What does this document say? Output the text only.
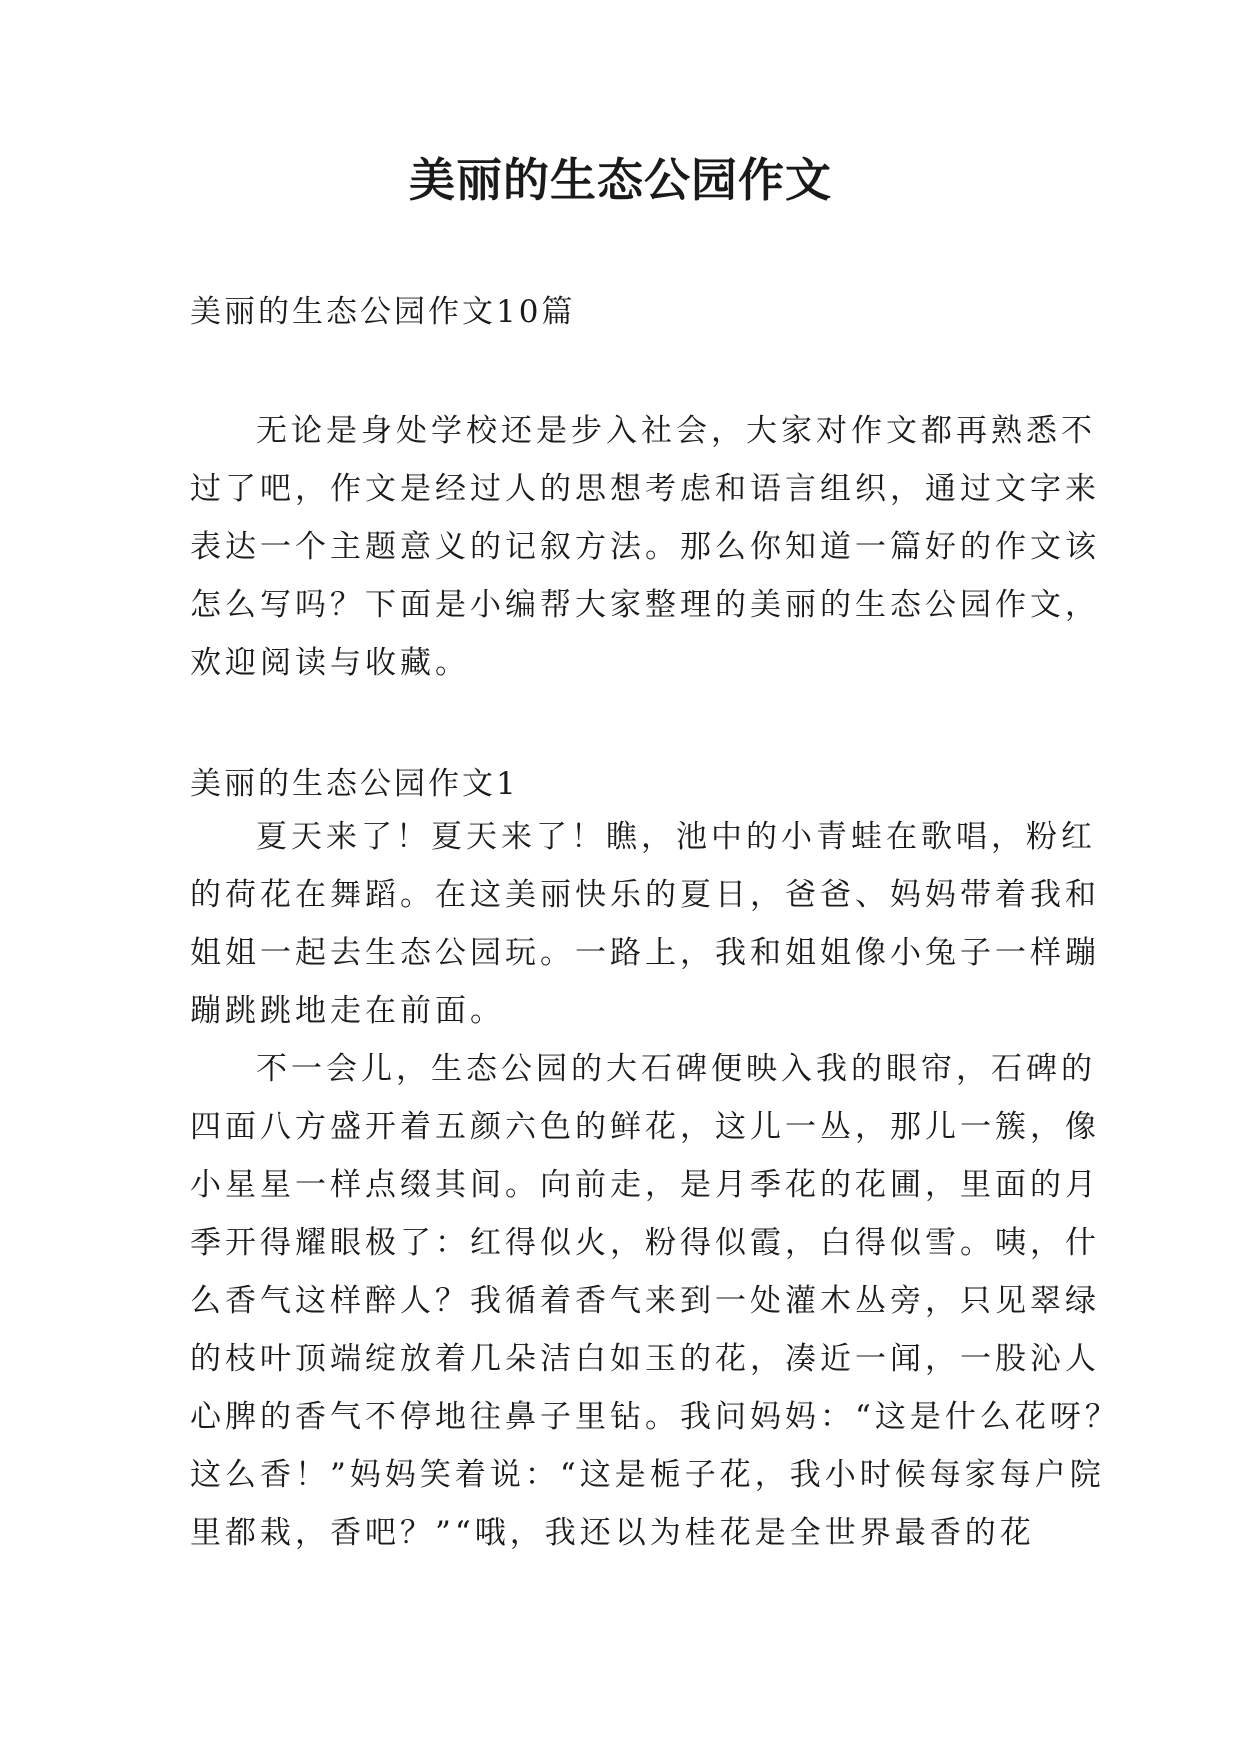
美丽的生态公园作文
美丽的生态公园作文10篇
无论是身处学校还是步入社会，大家对作文都再熟悉不
过了吧，作文是经过人的思想考虑和语言组织，通过文字来
表达一个主题意义的记叙方法。那么你知道一篇好的作文该
怎么写吗？下面是小编帮大家整理的美丽的生态公园作文，
欢迎阅读与收藏。
美丽的生态公园作文1
夏天来了！夏天来了！瞧，池中的小青蛙在歌唱，粉红
的荷花在舞蹈。在这美丽快乐的夏日，爸爸、妈妈带着我和
姐姐一起去生态公园玩。一路上，我和姐姐像小兔子一样蹦
蹦跳跳地走在前面。
不一会儿，生态公园的大石碑便映入我的眼帘，石碑的
四面八方盛开着五颜六色的鲜花，这儿一丛，那儿一簇，像
小星星一样点缀其间。向前走，是月季花的花圃，里面的月
季开得耀眼极了：红得似火，粉得似霞，白得似雪。咦，什
么香气这样醉人？我循着香气来到一处灌木丛旁，只见翠绿
的枝叶顶端绽放着几朵洁白如玉的花，凑近一闻，一股沁人
心脾的香气不停地往鼻子里钻。我问妈妈：“这是什么花呀？
这么香！”妈妈笑着说：“这是栀子花，我小时候每家每户院
里都栽，香吧？”“哦，我还以为桂花是全世界最香的花
